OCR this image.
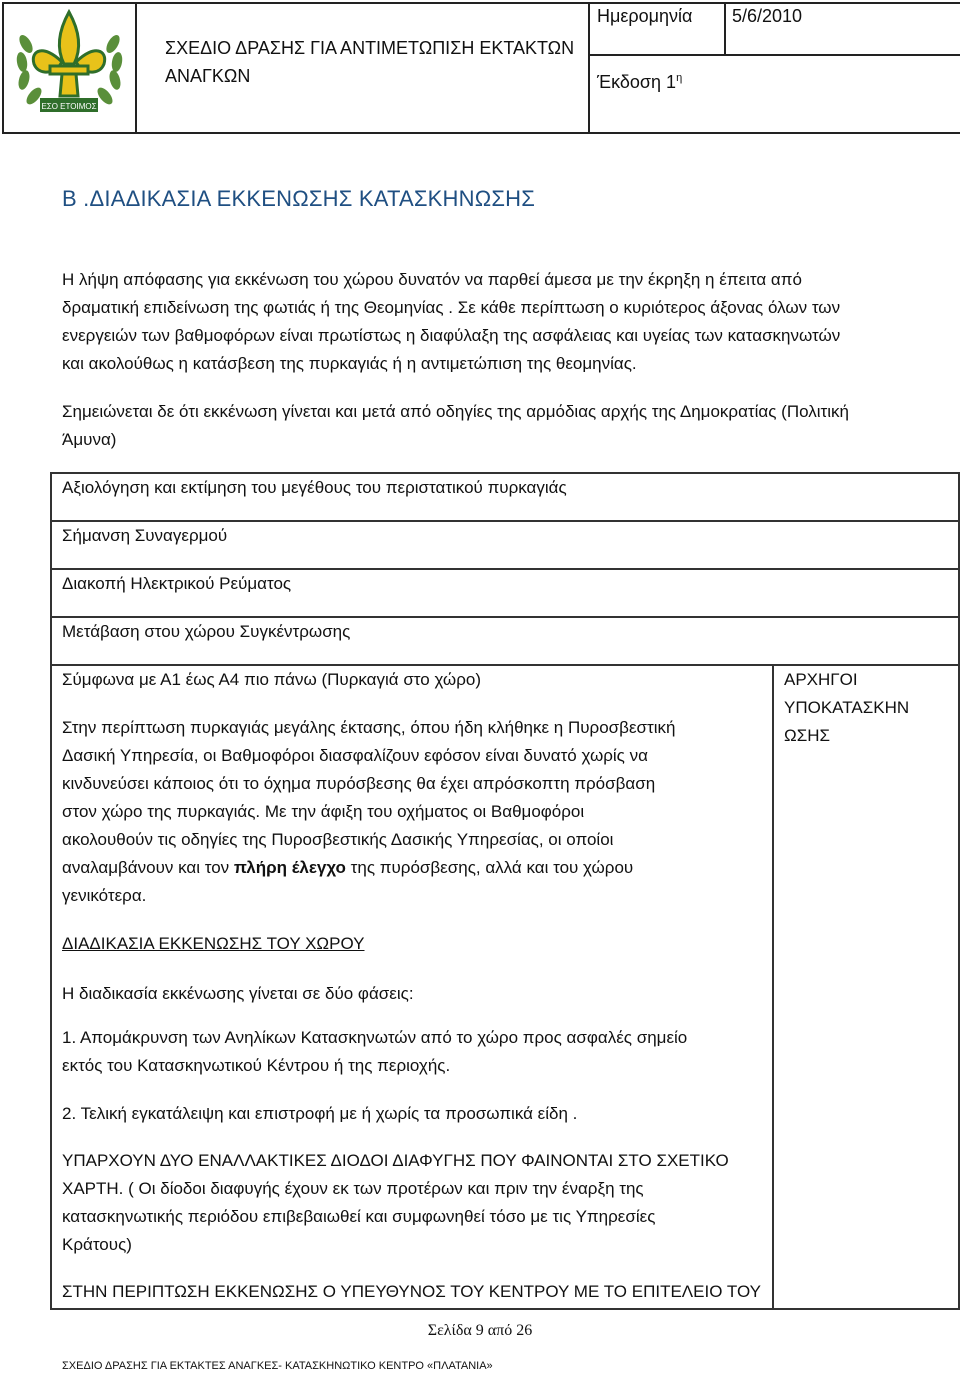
ΕΣΟ ΕΤΟΙΜΟΣ
ΣΧΕΔΙΟ ΔΡΑΣΗΣ ΓΙΑ ΑΝΤΙΜΕΤΩΠΙΣΗ ΕΚΤΑΚΤΩΝ ΑΝΑΓΚΩΝ
Ημερομηνία 5/6/2010
Έκδοση $1^\eta$
Β .ΔΙΑΔΙΚΑΣΙΑ ΕΚΚΕΝΩΣΗΣ ΚΑΤΑΣΚΗΝΩΣΗΣ
Η λήψη απόφασης για εκκένωση του χώρου δυνατόν να παρθεί άμεσα με την έκρηξη η έπειτα από
δραματική επιδείνωση της φωτιάς ή της Θεομηνίας . Σε κάθε περίπτωση ο κυριότερος άξονας όλων των
ενεργειών των βαθμοφόρων είναι πρωτίστως η διαφύλαξη της ασφάλειας και υγείας των κατασκηνωτών
και ακολούθως η κατάσβεση της πυρκαγιάς ή η αντιμετώπιση της θεομηνίας.
Σημειώνεται δε ότι εκκένωση γίνεται και μετά από οδηγίες της αρμόδιας αρχής της Δημοκρατίας (Πολιτική
Άμυνα)
Αξιολόγηση και εκτίμηση του μεγέθους του περιστατικού πυρκαγιάς
Σήμανση Συναγερμού
Διακοπή Ηλεκτρικού Ρεύματος
Μετάβαση στου χώρου Συγκέντρωσης
Σύμφωνα με Α1 έως Α4 πιο πάνω (Πυρκαγιά στο χώρο)
Στην περίπτωση πυρκαγιάς μεγάλης έκτασης, όπου ήδη κλήθηκε η Πυροσβεστική
Δασική Υπηρεσία, οι Βαθμοφόροι διασφαλίζουν εφόσον είναι δυνατό χωρίς να
κινδυνεύσει κάποιος ότι το όχημα πυρόσβεσης θα έχει απρόσκοπτη πρόσβαση
στον χώρο της πυρκαγιάς. Με την άφιξη του οχήματος οι Βαθμοφόροι
ακολουθούν τις οδηγίες της Πυροσβεστικής Δασικής Υπηρεσίας, οι οποίοι
αναλαμβάνουν και τον πλήρη έλεγχο της πυρόσβεσης, αλλά και του χώρου
γενικότερα.
ΑΡΧΗΓΟΙ
ΥΠΟΚΑΤΑΣΚΗΝ
ΩΣΗΣ
ΔΙΑΔΙΚΑΣΙΑ ΕΚΚΕΝΩΣΗΣ ΤΟΥ ΧΩΡΟΥ
Η διαδικασία εκκένωσης γίνεται σε δύο φάσεις:
1. Απομάκρυνση των Ανηλίκων Κατασκηνωτών από το χώρο προς ασφαλές σημείο
εκτός του Κατασκηνωτικού Κέντρου ή της περιοχής.
2. Τελική εγκατάλειψη και επιστροφή με ή χωρίς τα προσωπικά είδη .
ΥΠΑΡΧΟΥΝ ΔΥΟ ΕΝΑΛΛΑΚΤΙΚΕΣ ΔΙΟΔΟΙ ΔΙΑΦΥΓΗΣ ΠΟΥ ΦΑΙΝΟΝΤΑΙ ΣΤΟ ΣΧΕΤΙΚΟ
ΧΑΡΤΗ. ( Οι δίοδοι διαφυγής έχουν εκ των προτέρων και πριν την έναρξη της
κατασκηνωτικής περιόδου επιβεβαιωθεί και συμφωνηθεί τόσο με τις Υπηρεσίες
Κράτους)
ΣΤΗΝ ΠΕΡΙΠΤΩΣΗ ΕΚΚΕΝΩΣΗΣ Ο ΥΠΕΥΘΥΝΟΣ ΤΟΥ ΚΕΝΤΡΟΥ ΜΕ ΤΟ ΕΠΙΤΕΛΕΙΟ ΤΟΥ
Σελίδα 9 από 26
ΣΧΕΔΙΟ ΔΡΑΣΗΣ ΓΙΑ ΕΚΤΑΚΤΕΣ ΑΝΑΓΚΕΣ- ΚΑΤΑΣΚΗΝΩΤΙΚΟ ΚΕΝΤΡΟ «ΠΛΑΤΑΝΙΑ»
